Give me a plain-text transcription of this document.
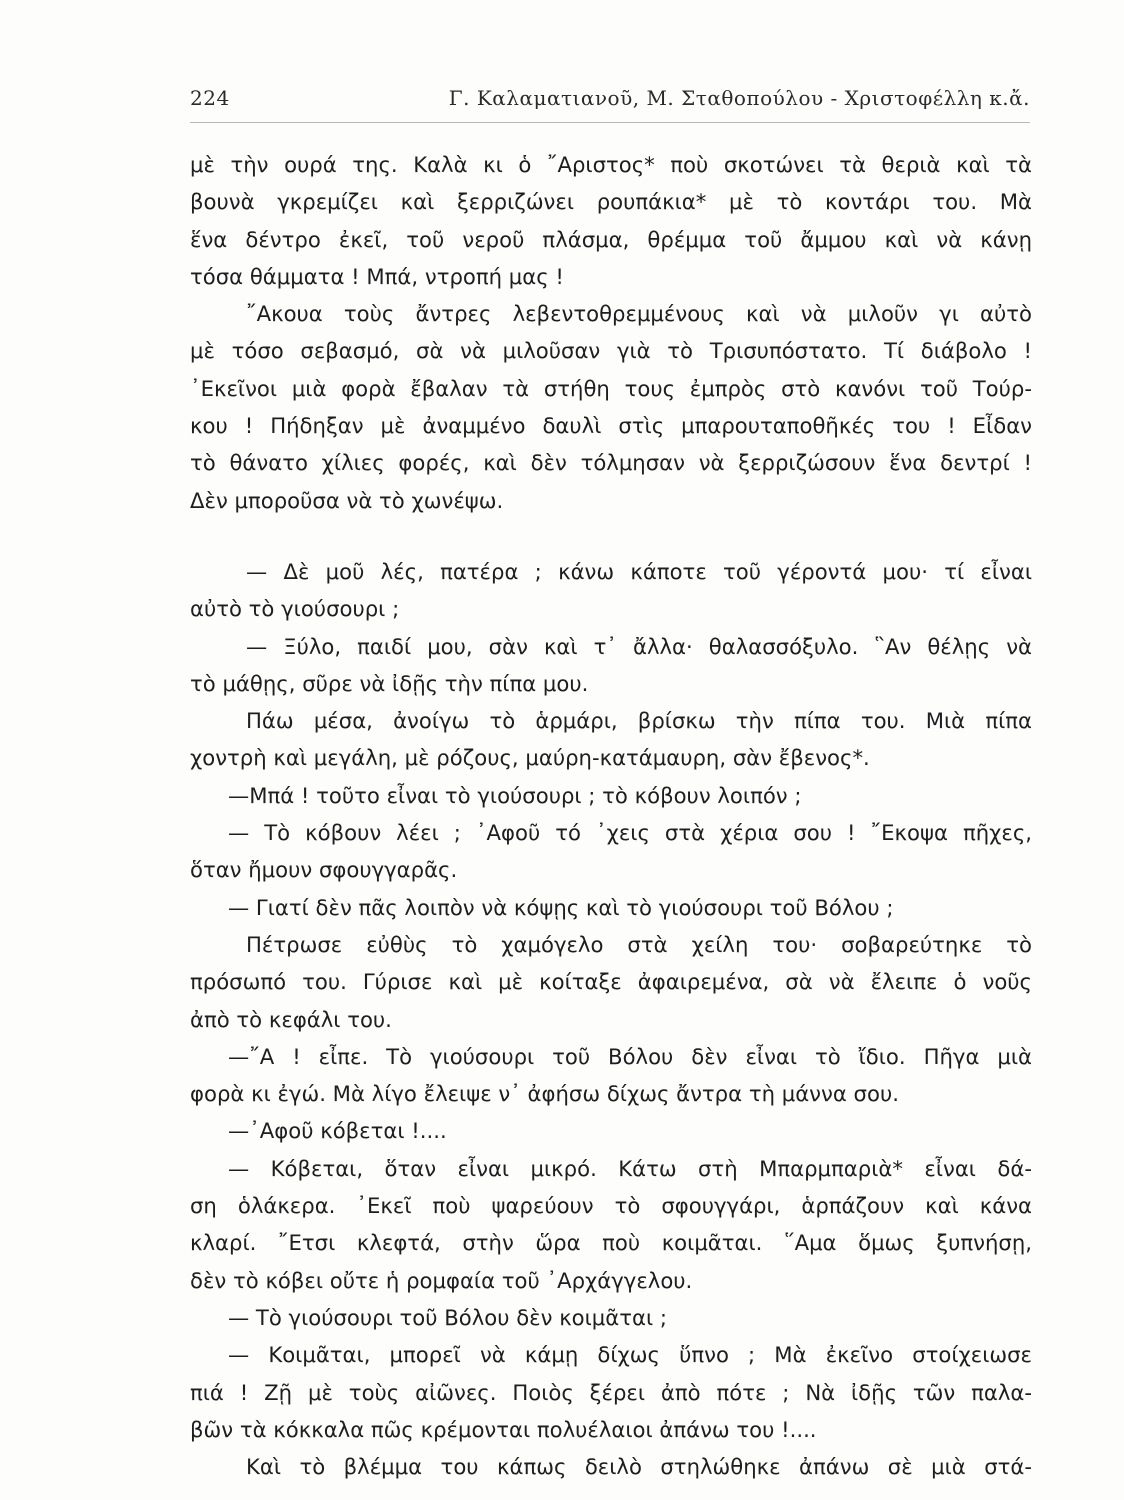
224	Γ. Καλαματιανοῦ, Μ. Σταθοπούλου - Χριστοφέλλη κ.ἄ.
μὲ τὴν ουρά της. Καλὰ κι ὁ ῎Αριστος* ποὺ σκοτώνει τὰ θεριὰ καὶ τὰ
βουνὰ γκρεμίζει καὶ ξερριζώνει ρουπάκια* μὲ τὸ κοντάρι του. Μὰ
ἕνα δέντρο ἐκεῖ, τοῦ νεροῦ πλάσμα, θρέμμα τοῦ ἄμμου καὶ νὰ κάνῃ
τόσα θάμματα ! Μπά, ντροπή μας !
῎Ακουα τοὺς ἄντρες λεβεντοθρεμμένους καὶ νὰ μιλοῦν γι αὐτὸ
μὲ τόσο σεβασμό, σὰ νὰ μιλοῦσαν γιὰ τὸ Τρισυπόστατο. Τί διάβολο !
᾿Εκεῖνοι μιὰ φορὰ ἔβαλαν τὰ στήθη τους ἐμπρὸς στὸ κανόνι τοῦ Τούρ-
κου ! Πήδηξαν μὲ ἀναμμένο δαυλὶ στὶς μπαρουταποθῆκές του ! Εἶδαν
τὸ θάνατο χίλιες φορές, καὶ δὲν τόλμησαν νὰ ξερριζώσουν ἕνα δεντρί !
Δὲν μποροῦσα νὰ τὸ χωνέψω.
— Δὲ μοῦ λές, πατέρα ; κάνω κάποτε τοῦ γέροντά μου· τί εἶναι
αὐτὸ τὸ γιούσουρι ;
— Ξύλο, παιδί μου, σὰν καὶ τ᾿ ἄλλα· θαλασσόξυλο. ῝Αν θέλῃς νὰ
τὸ μάθῃς, σῦρε νὰ ἰδῇς τὴν πίπα μου.
Πάω μέσα, ἀνοίγω τὸ ἁρμάρι, βρίσκω τὴν πίπα του. Μιὰ πίπα
χοντρὴ καὶ μεγάλη, μὲ ρόζους, μαύρη-κατάμαυρη, σὰν ἔβενος*.
—Μπά ! τοῦτο εἶναι τὸ γιούσουρι ; τὸ κόβουν λοιπόν ;
— Τὸ κόβουν λέει ; ᾿Αφοῦ τό ᾿χεις στὰ χέρια σου ! ῎Εκοψα πῆχες,
ὅταν ἤμουν σφουγγαρᾶς.
— Γιατί δὲν πᾶς λοιπὸν νὰ κόψῃς καὶ τὸ γιούσουρι τοῦ Βόλου ;
Πέτρωσε εὐθὺς τὸ χαμόγελο στὰ χείλη του· σοβαρεύτηκε τὸ
πρόσωπό του. Γύρισε καὶ μὲ κοίταξε ἀφαιρεμένα, σὰ νὰ ἔλειπε ὁ νοῦς
ἀπὸ τὸ κεφάλι του.
—῎Α ! εἶπε. Τὸ γιούσουρι τοῦ Βόλου δὲν εἶναι τὸ ἴδιο. Πῆγα μιὰ
φορὰ κι ἐγώ. Μὰ λίγο ἔλειψε ν᾿ ἀφήσω δίχως ἄντρα τὴ μάννα σου.
—᾿Αφοῦ κόβεται !....
— Κόβεται, ὅταν εἶναι μικρό. Κάτω στὴ Μπαρμπαριὰ* εἶναι δά-
ση ὁλάκερα. ᾿Εκεῖ ποὺ ψαρεύουν τὸ σφουγγάρι, ἁρπάζουν καὶ κάνα
κλαρί. ῎Ετσι κλεφτά, στὴν ὥρα ποὺ κοιμᾶται. ῞Αμα ὅμως ξυπνήσῃ,
δὲν τὸ κόβει οὔτε ἡ ρομφαία τοῦ ᾿Αρχάγγελου.
— Τὸ γιούσουρι τοῦ Βόλου δὲν κοιμᾶται ;
— Κοιμᾶται, μπορεῖ νὰ κάμῃ δίχως ὕπνο ; Μὰ ἐκεῖνο στοίχειωσε
πιά ! Ζῇ μὲ τοὺς αἰῶνες. Ποιὸς ξέρει ἀπὸ πότε ; Νὰ ἰδῇς τῶν παλα-
βῶν τὰ κόκκαλα πῶς κρέμονται πολυέλαιοι ἀπάνω του !....
Καὶ τὸ βλέμμα του κάπως δειλὸ στηλώθηκε ἀπάνω σὲ μιὰ στά-
